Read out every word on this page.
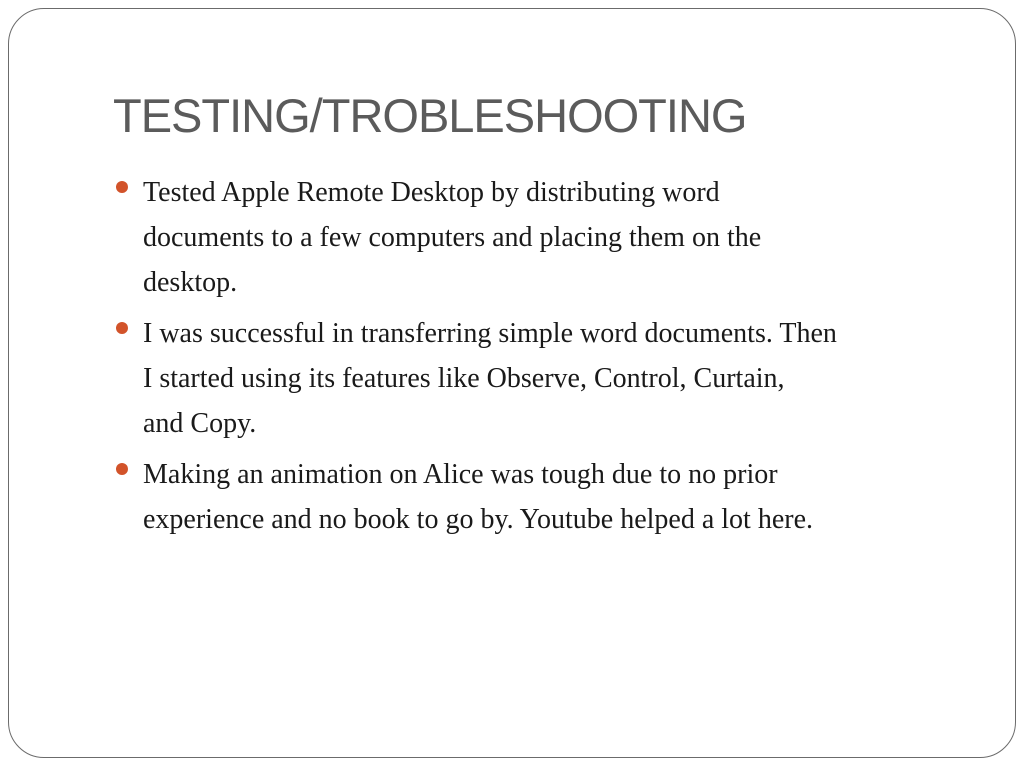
TESTING/TROBLESHOOTING
Tested Apple Remote Desktop by distributing word
documents to a few computers and placing them on the
desktop.
I was successful in transferring simple word documents. Then
I started using its features like Observe, Control, Curtain,
and Copy.
Making an animation on Alice was tough due to no prior
experience and no book to go by. Youtube helped a lot here.
